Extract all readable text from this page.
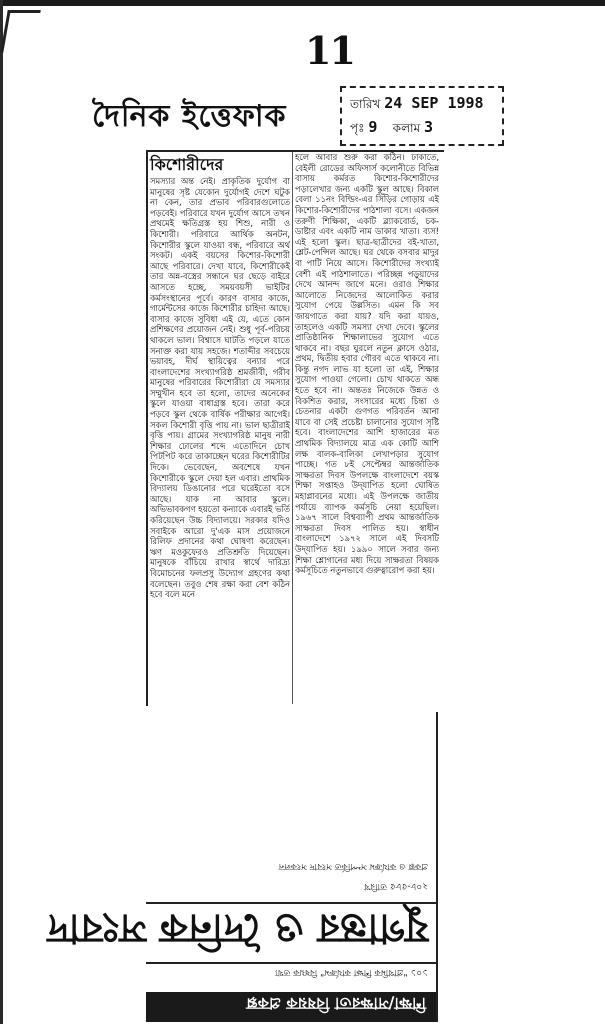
11
দৈনিক ইত্তেফাক	তারিখ 24 SEP 1998
পৃঃ 9 কলাম 3
কিশোরীদের
সমস্যার অন্ত নেই। প্রাকৃতিক দুর্যোগ বা মানুষের সৃষ্ট যেকোন দুর্যোগই দেশে ঘটুক না কেন, তার প্রভাব পরিবারগুলোতে পড়বেই। পরিবারে যখন দুর্যোগ আসে তখন প্রথমেই ক্ষতিগ্রস্ত হয় শিশু, নারী ও কিশোরী। পরিবারে আর্থিক অনটন, কিশোরীর স্কুলে যাওয়া বন্ধ, পরিবারে অর্থ সংকট। একই বয়সের কিশোর-কিশোরী আছে পরিবারে। দেখা যাবে, কিশোরীকেই তার অন্ন-বস্ত্রের সন্ধানে ঘর ছেড়ে বাইরে আসতে হচ্ছে, সময়বয়সী ভাইটির কর্মসংস্থানের পূর্বে। কারণ বাসার কাজে, গার্মেন্টসের কাজে কিশোরীর চাহিদা আছে। বাসার কাজে সুবিধা এই যে, এতে কোন প্রশিক্ষণের প্রয়োজন নেই। শুধু পূর্ব-পরিচয় থাকলে ভাল। বিশ্বাসে ঘাটতি পড়লে যাতে সনাক্ত করা যায় সহজে। শতাব্দীর সবচেয়ে ভয়াবহ, দীর্ঘ স্থায়িত্বের বন্যার পরে বাংলাদেশের সংখ্যাগরিষ্ঠ শ্রমজীবী, গরীব মানুষের পরিবারের কিশোরীরা যে সমস্যার সম্মুখীন হবে তা হলো, তাদের অনেকের স্কুলে যাওয়া বাধাগ্রস্ত হবে। তারা করে পড়বে স্কুল থেকে বার্ষিক পরীক্ষার আগেই। সকল কিশোরী বৃত্তি পায় না। ভাল ছাত্রীরাই বৃত্তি পায়। গ্রামের সংখ্যাগরিষ্ঠ মানুষ নারী শিক্ষার ঢোলের শব্দে এতোদিনে চোখ পিটপিট করে তাকাচ্ছেন ঘরের কিশোরীটির দিকে। ভেবেছেন, অবশেষে যখন কিশোরীকে স্কুলে দেয়া হল এবার। প্রাথমিক বিদ্যালয় ডিঙানোর পরে ঘরেইতো বসে আছে। যাক না আবার স্কুলে। অভিভাবকগণ হয়তো কন্যাকে এবারই ভর্তি করিয়েছেন উচ্চ বিদ্যালয়ে। সরকার যদিও সবাইকে আরো দু'এক মাস প্রয়োজনে রিলিফ প্রদানের কথা ঘোষণা করেছেন। ঋণ মওকুফেরও প্রতিশ্রুতি দিয়েছেন। মানুষকে বাঁচিয়ে রাখার স্বার্থে দারিদ্র্য বিমোচনের ফলপ্রসু উদ্যোগ গ্রহণের কথা বলেছেন। তবুও শেষ রক্ষা করা বেশ কঠিন হবে বলে মনে
হলে আবার শুরু করা কঠিন। ঢাকাতে, বেইলী রোডের অফিসার্স কলোনীতে বিভিন্ন বাসায় কর্মরত কিশোর-কিশোরীদের পড়ালেখার জন্য একটি স্কুল আছে। বিকাল বেলা ১১নং বিল্ডিং-এর সিঁড়ির গোড়ায় এই কিশোর-কিশোরীদের পাঠশালা বসে। একজন তরুণী শিক্ষিকা, একটি ব্ল্যাকবোর্ড, চক-ডাষ্টার এবং একটি নাম ডাকার খাতা। ব্যস! এই হলো স্কুল। ছাত্র-ছাত্রীদের বই-খাতা, শ্লেট-পেন্সিল আছে। ঘর থেকে বসবার মাদুর বা পাটি নিয়ে আসে। কিশোরীদের সংখ্যাই বেশী এই পাঠশালাতে। পরিচ্ছন্ন পড়ুয়াদের দেখে আনন্দ জাগে মনে। ওরাও শিক্ষার আলোতে নিজেদের আলোকিত করার সুযোগ পেয়ে উল্লসিত। এমন কি সব জায়গাতে করা যায়? যদি করা যায়ও, তাহলেও একটি সমস্যা দেখা দেবে। স্কুলের প্রাতিষ্ঠানিক শিক্ষালাভের সুযোগ এতে থাকবে না। বছর ঘুরলে নতুন ক্লাসে ওঠার, প্রথম, দ্বিতীয় হবার গৌরব এতে থাকবে না। কিন্তু নগদ লাভ যা হলো তা এই, শিক্ষার সুযোগ পাওয়া গেলো। চোখ থাকতে অন্ধ হতে হবে না। অন্ততঃ নিজেকে উন্নত ও বিকশিত করার, সংসারের মধ্যে চিন্তা ও চেতনার একটা গুণগত পরিবর্তন আনা যাবে বা সেই প্রচেষ্টা চালানোর সুযোগ সৃষ্টি হবে। বাংলাদেশের আশি হাজারের মত প্রাথমিক বিদ্যালয়ে মাত্র এক কোটি আশি লক্ষ বালক-বালিকা লেখাপড়ার সুযোগ পাচ্ছে। গত ৮ই সেপ্টেম্বর আন্তর্জাতিক সাক্ষরতা দিবস উপলক্ষে বাংলাদেশে বয়স্ক শিক্ষা সপ্তাহও উদ্‌যাপিত হলো ঘোষিত মহাপ্লাবনের মধ্যে। এই উপলক্ষে জাতীয় পর্যায়ে ব্যাপক কর্মসূচি নেয়া হয়েছিল। ১৯৬৭ সালে বিশ্বব্যাপী প্রথম আন্তর্জাতিক সাক্ষরতা দিবস পালিত হয়। স্বাধীন বাংলাদেশে ১৯৭২ সালে এই দিবসটি উদ্‌যাপিত হয়। ১৯৯০ সালে সবার জন্য শিক্ষা শ্লোগানের মধ্য দিয়ে সাক্ষরতা বিষয়ক কর্মসূচিতে নতুনভাবে গুরুত্বারোপ করা হয়।
শিক্ষা/সাক্ষরতা বিষয়ক প্রকল্প
১০১ "প্রাথমিক শিক্ষা কার্যক্রম" বিষয়ক তথ্য
যুগান্তর ও দৈনিক সংবাদ
২০৮-৫৮৫ তারিখ
প্রকল্প ও কার্যক্রম সম্পর্কিত সংবাদ সংকলন
